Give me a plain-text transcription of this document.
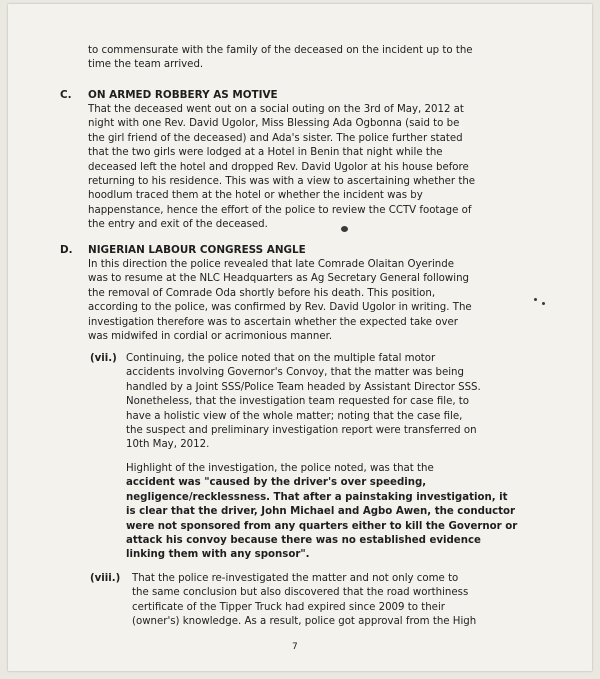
to commensurate with the family of the deceased on the incident up to the
time the team arrived.
C. ON ARMED ROBBERY AS MOTIVE
That the deceased went out on a social outing on the 3rd of May, 2012 at
night with one Rev. David Ugolor, Miss Blessing Ada Ogbonna (said to be
the girl friend of the deceased) and Ada's sister. The police further stated
that the two girls were lodged at a Hotel in Benin that night while the
deceased left the hotel and dropped Rev. David Ugolor at his house before
returning to his residence. This was with a view to ascertaining whether the
hoodlum traced them at the hotel or whether the incident was by
happenstance, hence the effort of the police to review the CCTV footage of
the entry and exit of the deceased.
D. NIGERIAN LABOUR CONGRESS ANGLE
In this direction the police revealed that late Comrade Olaitan Oyerinde
was to resume at the NLC Headquarters as Ag Secretary General following
the removal of Comrade Oda shortly before his death. This position,
according to the police, was confirmed by Rev. David Ugolor in writing. The
investigation therefore was to ascertain whether the expected take over
was midwifed in cordial or acrimonious manner.
(vii.) Continuing, the police noted that on the multiple fatal motor
accidents involving Governor's Convoy, that the matter was being
handled by a Joint SSS/Police Team headed by Assistant Director SSS.
Nonetheless, that the investigation team requested for case file, to
have a holistic view of the whole matter; noting that the case file,
the suspect and preliminary investigation report were transferred on
10th May, 2012.
Highlight of the investigation, the police noted, was that the
accident was "caused by the driver's over speeding,
negligence/recklessness. That after a painstaking investigation, it
is clear that the driver, John Michael and Agbo Awen, the conductor
were not sponsored from any quarters either to kill the Governor or
attack his convoy because there was no established evidence
linking them with any sponsor".
(viii.) That the police re-investigated the matter and not only come to
the same conclusion but also discovered that the road worthiness
certificate of the Tipper Truck had expired since 2009 to their
(owner's) knowledge. As a result, police got approval from the High
7
